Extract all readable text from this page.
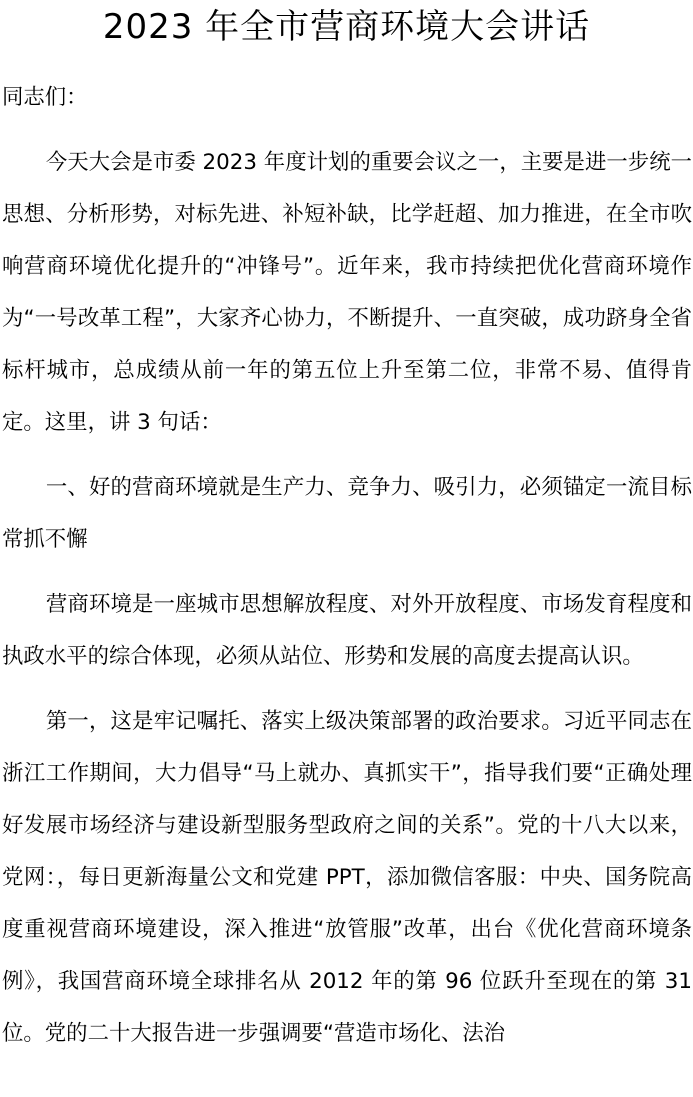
2023 年全市营商环境大会讲话

同志们：

今天大会是市委 2023 年度计划的重要会议之一，主要是进一步统一思想、分析形势，对标先进、补短补缺，比学赶超、加力推进，在全市吹响营商环境优化提升的“冲锋号”。近年来，我市持续把优化营商环境作为“一号改革工程”，大家齐心协力，不断提升、一直突破，成功跻身全省标杆城市，总成绩从前一年的第五位上升至第二位，非常不易、值得肯定。这里，讲 3 句话：

一、好的营商环境就是生产力、竞争力、吸引力，必须锚定一流目标常抓不懈

营商环境是一座城市思想解放程度、对外开放程度、市场发育程度和执政水平的综合体现，必须从站位、形势和发展的高度去提高认识。

第一，这是牢记嘱托、落实上级决策部署的政治要求。习近平同志在浙江工作期间，大力倡导“马上就办、真抓实干”，指导我们要“正确处理好发展市场经济与建设新型服务型政府之间的关系”。党的十八大以来，党网：，每日更新海量公文和党建 PPT，添加微信客服：中央、国务院高度重视营商环境建设，深入推进“放管服”改革，出台《优化营商环境条例》，我国营商环境全球排名从 2012 年的第 96 位跃升至现在的第 31 位。党的二十大报告进一步强调要“营造市场化、法治
